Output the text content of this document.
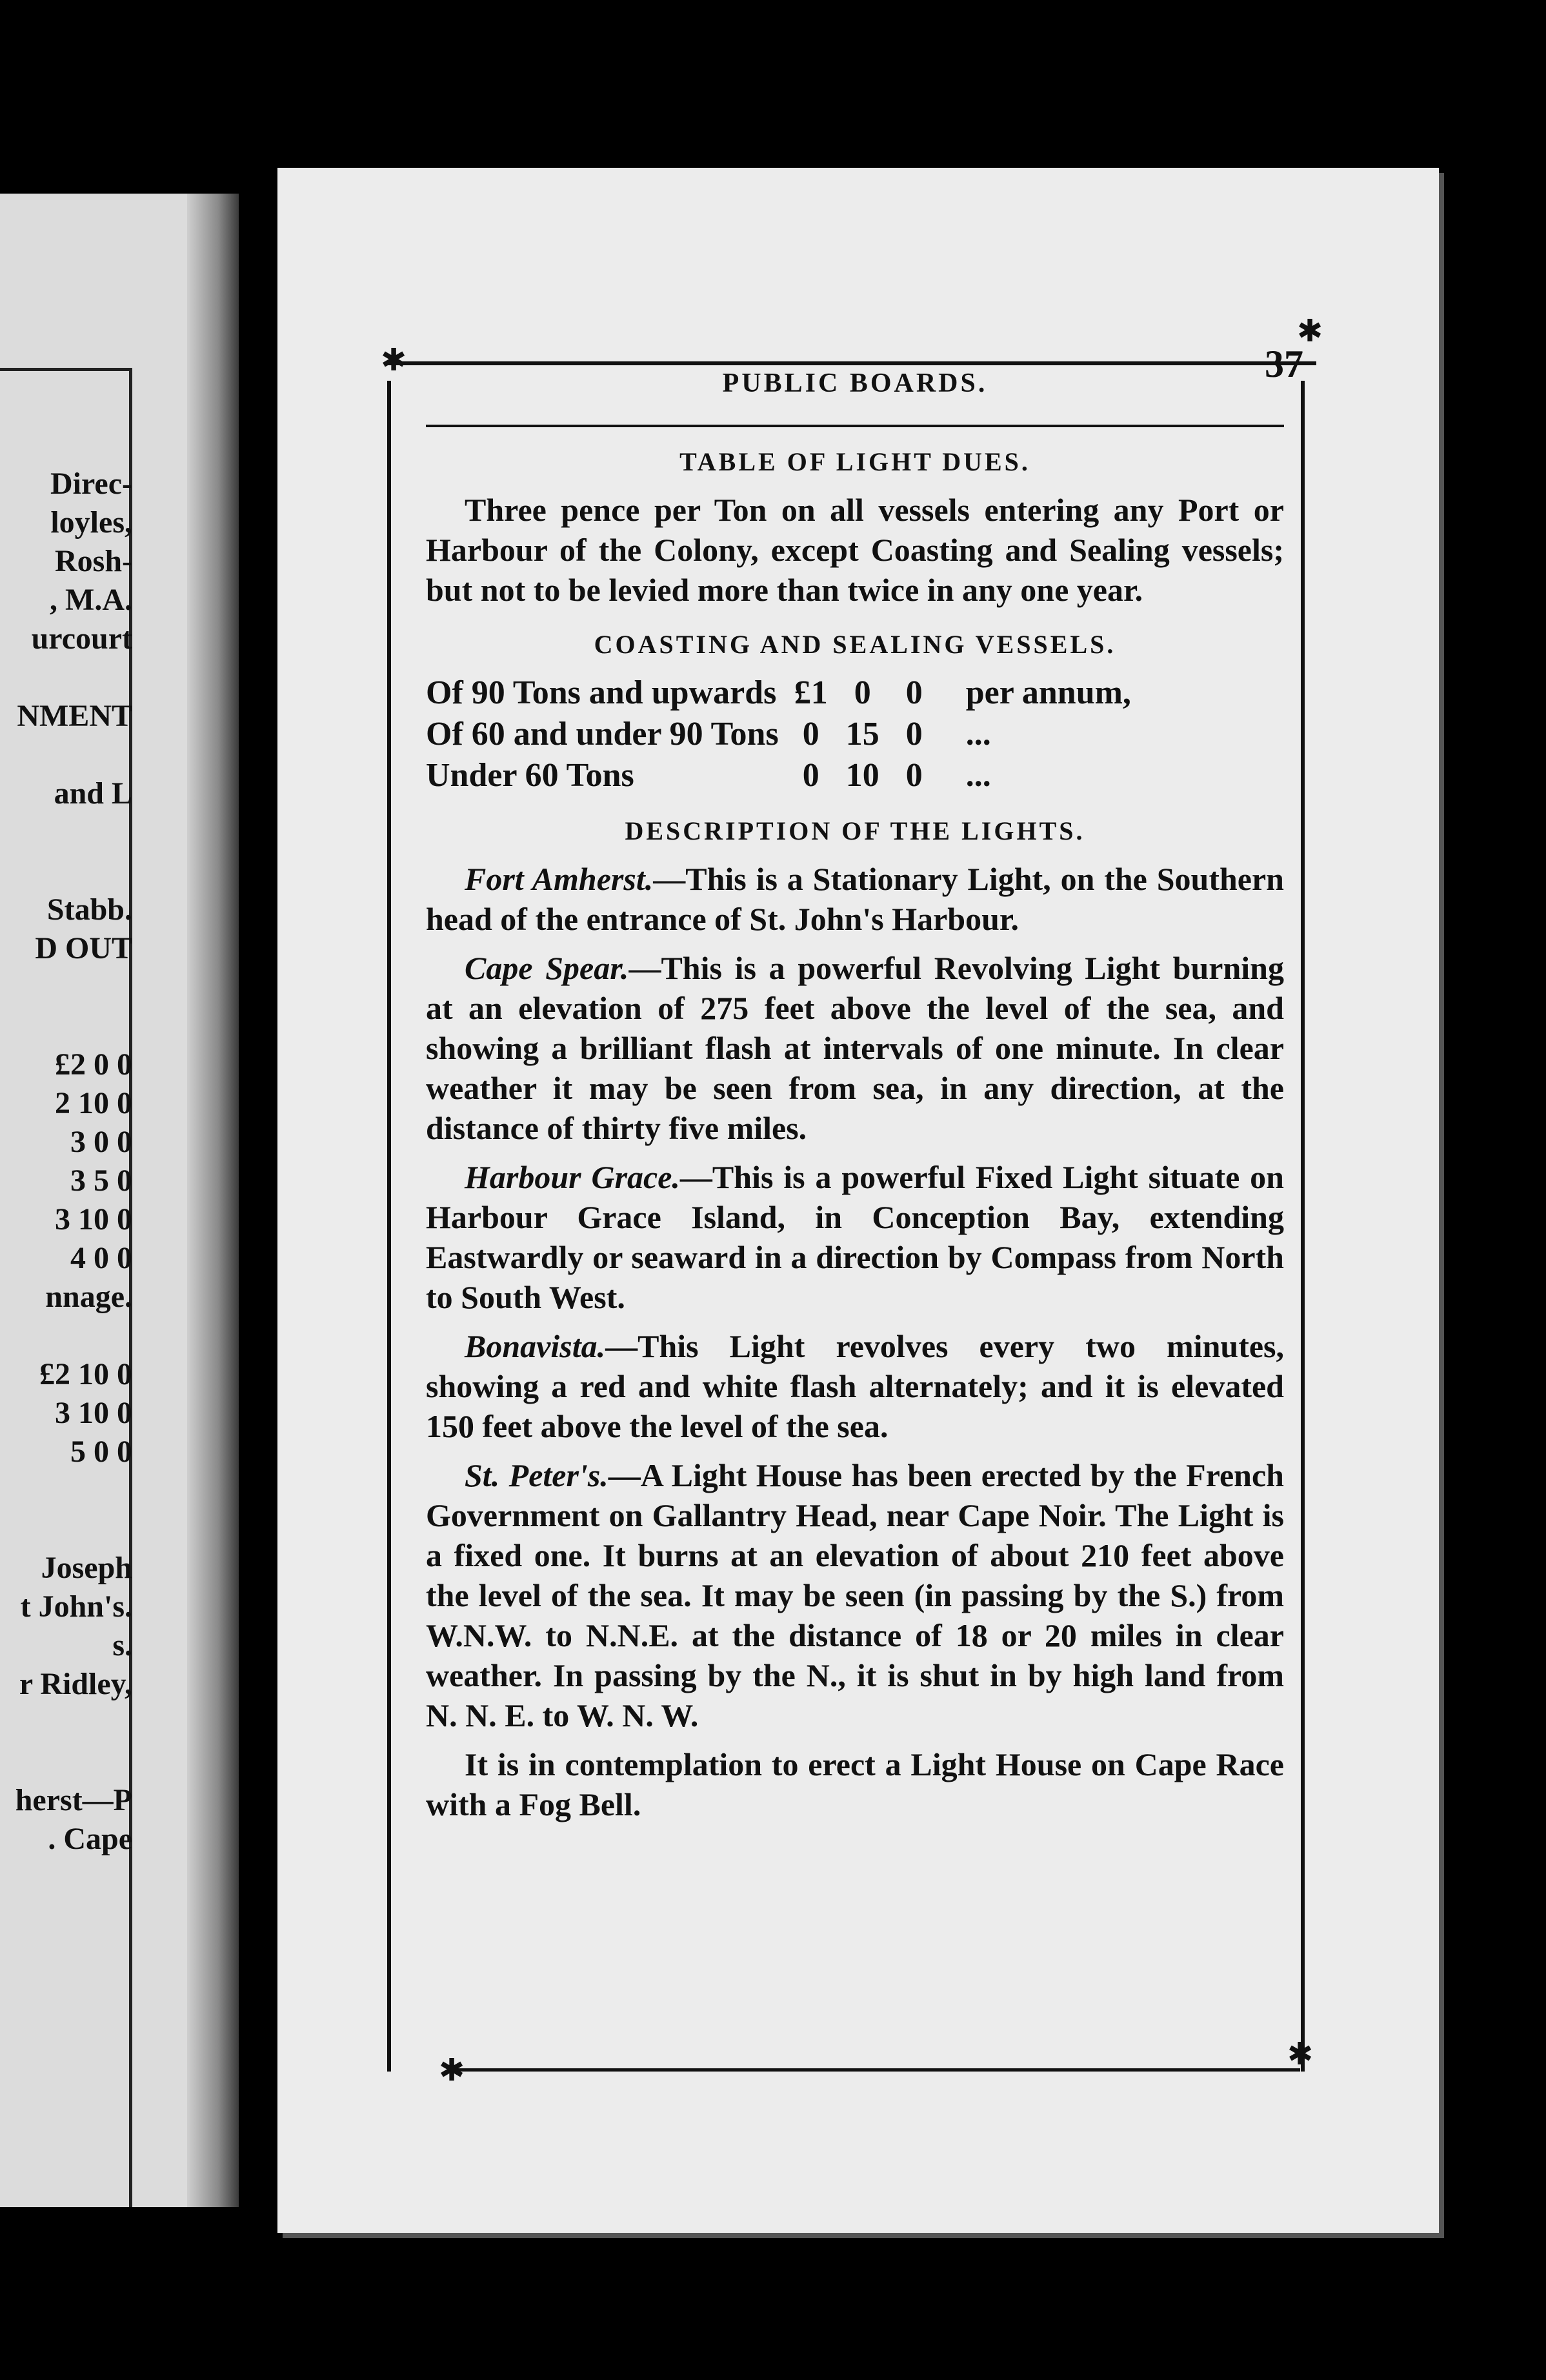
Direc-
loyles,
Rosh-
, M.A.
urcourt
NMENT
and L
Stabb.
D OUT
£2 0 0
2 10 0
3 0 0
3 5 0
3 10 0
4 0 0
nnage.
£2 10 0
3 10 0
5 0 0
Joseph
t John's.
s.
r Ridley,
herst—P
. Cape
✱
✱
✱	✱
PUBLIC BOARDS.	37
TABLE OF LIGHT DUES.

Three pence per Ton on all vessels entering any Port or Harbour of the Colony, except Coasting and Sealing vessels; but not to be levied more than twice in any one year.

COASTING AND SEALING VESSELS.
Of 90 Tons and upwards	£1	0	0	per annum,
Of 60 and under 90 Tons	0	15	0	...
Under 60 Tons	0	10	0	...
DESCRIPTION OF THE LIGHTS.

Fort Amherst.—This is a Stationary Light, on the Southern head of the entrance of St. John's Harbour.

Cape Spear.—This is a powerful Revolving Light burning at an elevation of 275 feet above the level of the sea, and showing a brilliant flash at intervals of one minute. In clear weather it may be seen from sea, in any direction, at the distance of thirty five miles.

Harbour Grace.—This is a powerful Fixed Light situate on Harbour Grace Island, in Conception Bay, extending Eastwardly or seaward in a direction by Compass from North to South West.

Bonavista.—This Light revolves every two minutes, showing a red and white flash alternately; and it is elevated 150 feet above the level of the sea.

St. Peter's.—A Light House has been erected by the French Government on Gallantry Head, near Cape Noir. The Light is a fixed one. It burns at an elevation of about 210 feet above the level of the sea. It may be seen (in passing by the S.) from W.N.W. to N.N.E. at the distance of 18 or 20 miles in clear weather. In passing by the N., it is shut in by high land from N. N. E. to W. N. W.

It is in contemplation to erect a Light House on Cape Race with a Fog Bell.
